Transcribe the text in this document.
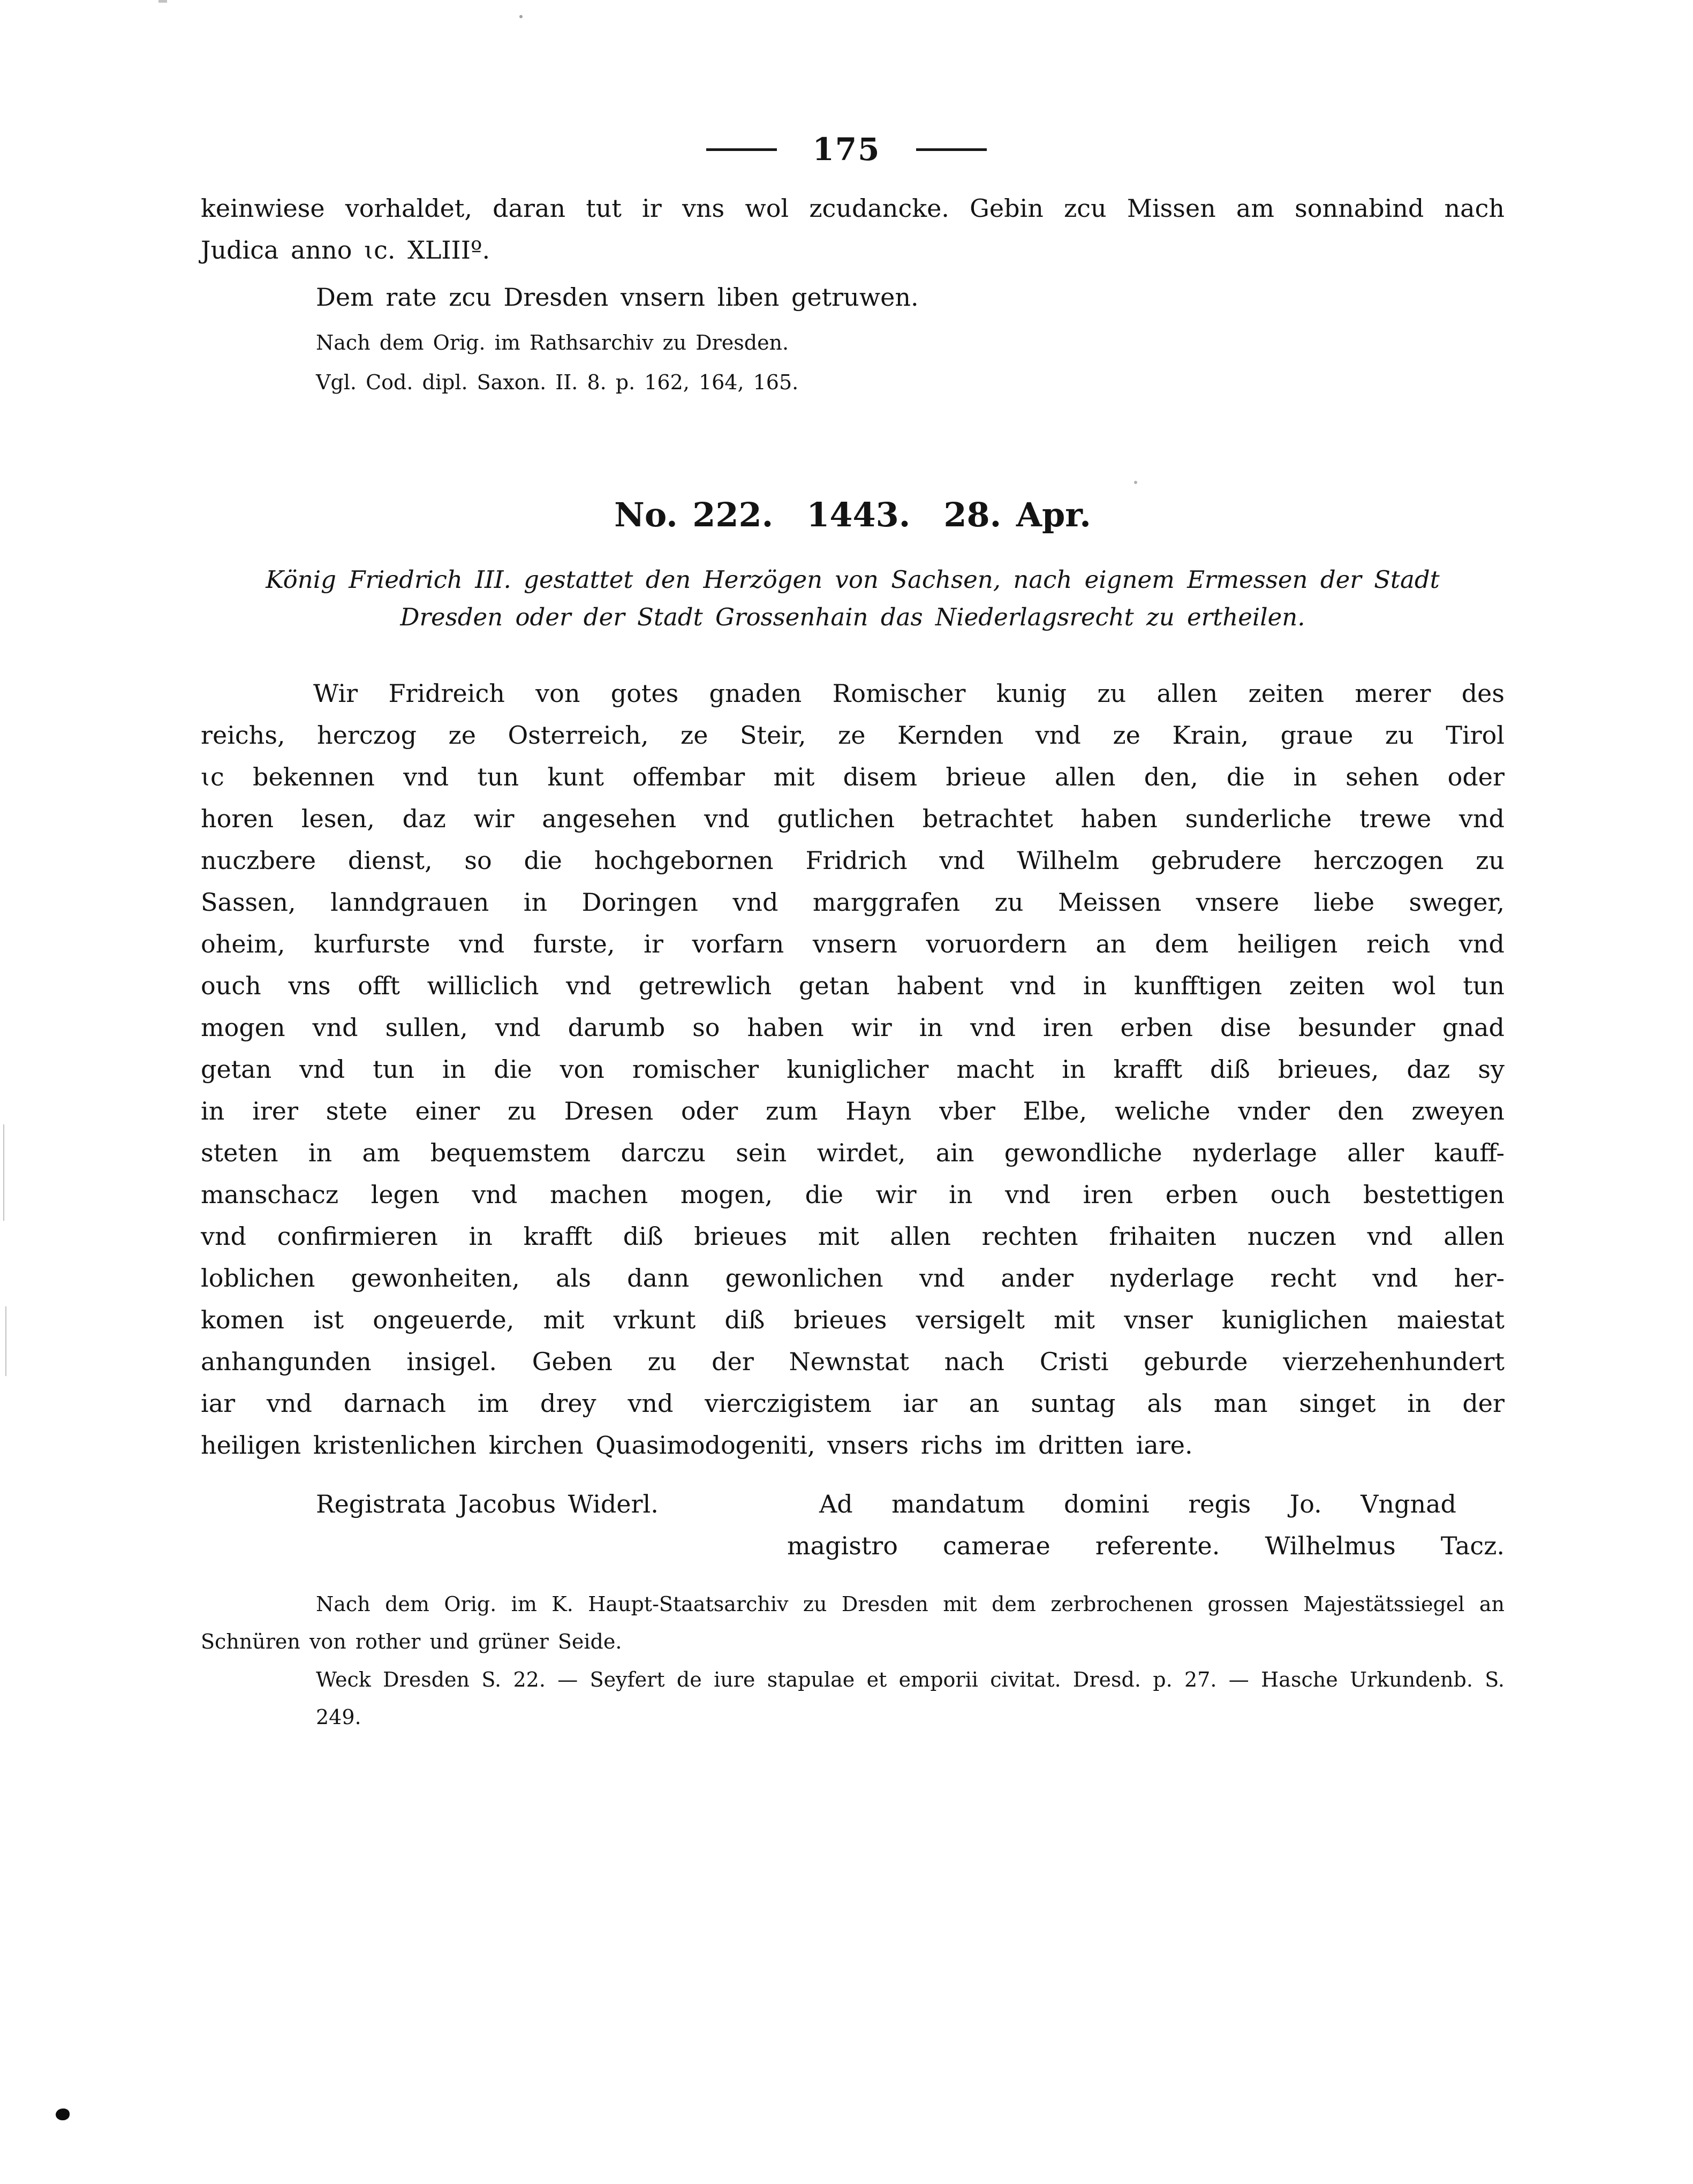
175
keinwiese vorhaldet, daran tut ir vns wol zcudancke. Gebin zcu Missen am sonnabind nach
Judica anno ɩc. XLIIIº.
Dem rate zcu Dresden vnsern liben getruwen.
Nach dem Orig. im Rathsarchiv zu Dresden.
Vgl. Cod. dipl. Saxon. II. 8. p. 162, 164, 165.
No. 222. 1443. 28. Apr.
König Friedrich III. gestattet den Herzögen von Sachsen, nach eignem Ermessen der Stadt
Dresden oder der Stadt Grossenhain das Niederlagsrecht zu ertheilen.
Wir Fridreich von gotes gnaden Romischer kunig zu allen zeiten merer des
reichs, herczog ze Osterreich, ze Steir, ze Kernden vnd ze Krain, graue zu Tirol
ɩc bekennen vnd tun kunt offembar mit disem brieue allen den, die in sehen oder
horen lesen, daz wir angesehen vnd gutlichen betrachtet haben sunderliche trewe vnd
nuczbere dienst, so die hochgebornen Fridrich vnd Wilhelm gebrudere herczogen zu
Sassen, lanndgrauen in Doringen vnd marggrafen zu Meissen vnsere liebe sweger,
oheim, kurfurste vnd furste, ir vorfarn vnsern voruordern an dem heiligen reich vnd
ouch vns offt williclich vnd getrewlich getan habent vnd in kunfftigen zeiten wol tun
mogen vnd sullen, vnd darumb so haben wir in vnd iren erben dise besunder gnad
getan vnd tun in die von romischer kuniglicher macht in krafft diß brieues, daz sy
in irer stete einer zu Dresen oder zum Hayn vber Elbe, weliche vnder den zweyen
steten in am bequemstem darczu sein wirdet, ain gewondliche nyderlage aller kauff-
manschacz legen vnd machen mogen, die wir in vnd iren erben ouch bestettigen
vnd confirmieren in krafft diß brieues mit allen rechten frihaiten nuczen vnd allen
loblichen gewonheiten, als dann gewonlichen vnd ander nyderlage recht vnd her-
komen ist ongeuerde, mit vrkunt diß brieues versigelt mit vnser kuniglichen maiestat
anhangunden insigel. Geben zu der Newnstat nach Cristi geburde vierzehenhundert
iar vnd darnach im drey vnd vierczigistem iar an suntag als man singet in der
heiligen kristenlichen kirchen Quasimodogeniti, vnsers richs im dritten iare.
Registrata Jacobus Widerl.	Ad mandatum domini regis Jo. Vngnad
magistro camerae referente. Wilhelmus Tacz.
Nach dem Orig. im K. Haupt-Staatsarchiv zu Dresden mit dem zerbrochenen grossen Majestätssiegel an
Schnüren von rother und grüner Seide.
Weck Dresden S. 22. — Seyfert de iure stapulae et emporii civitat. Dresd. p. 27. — Hasche Urkundenb. S. 249.
